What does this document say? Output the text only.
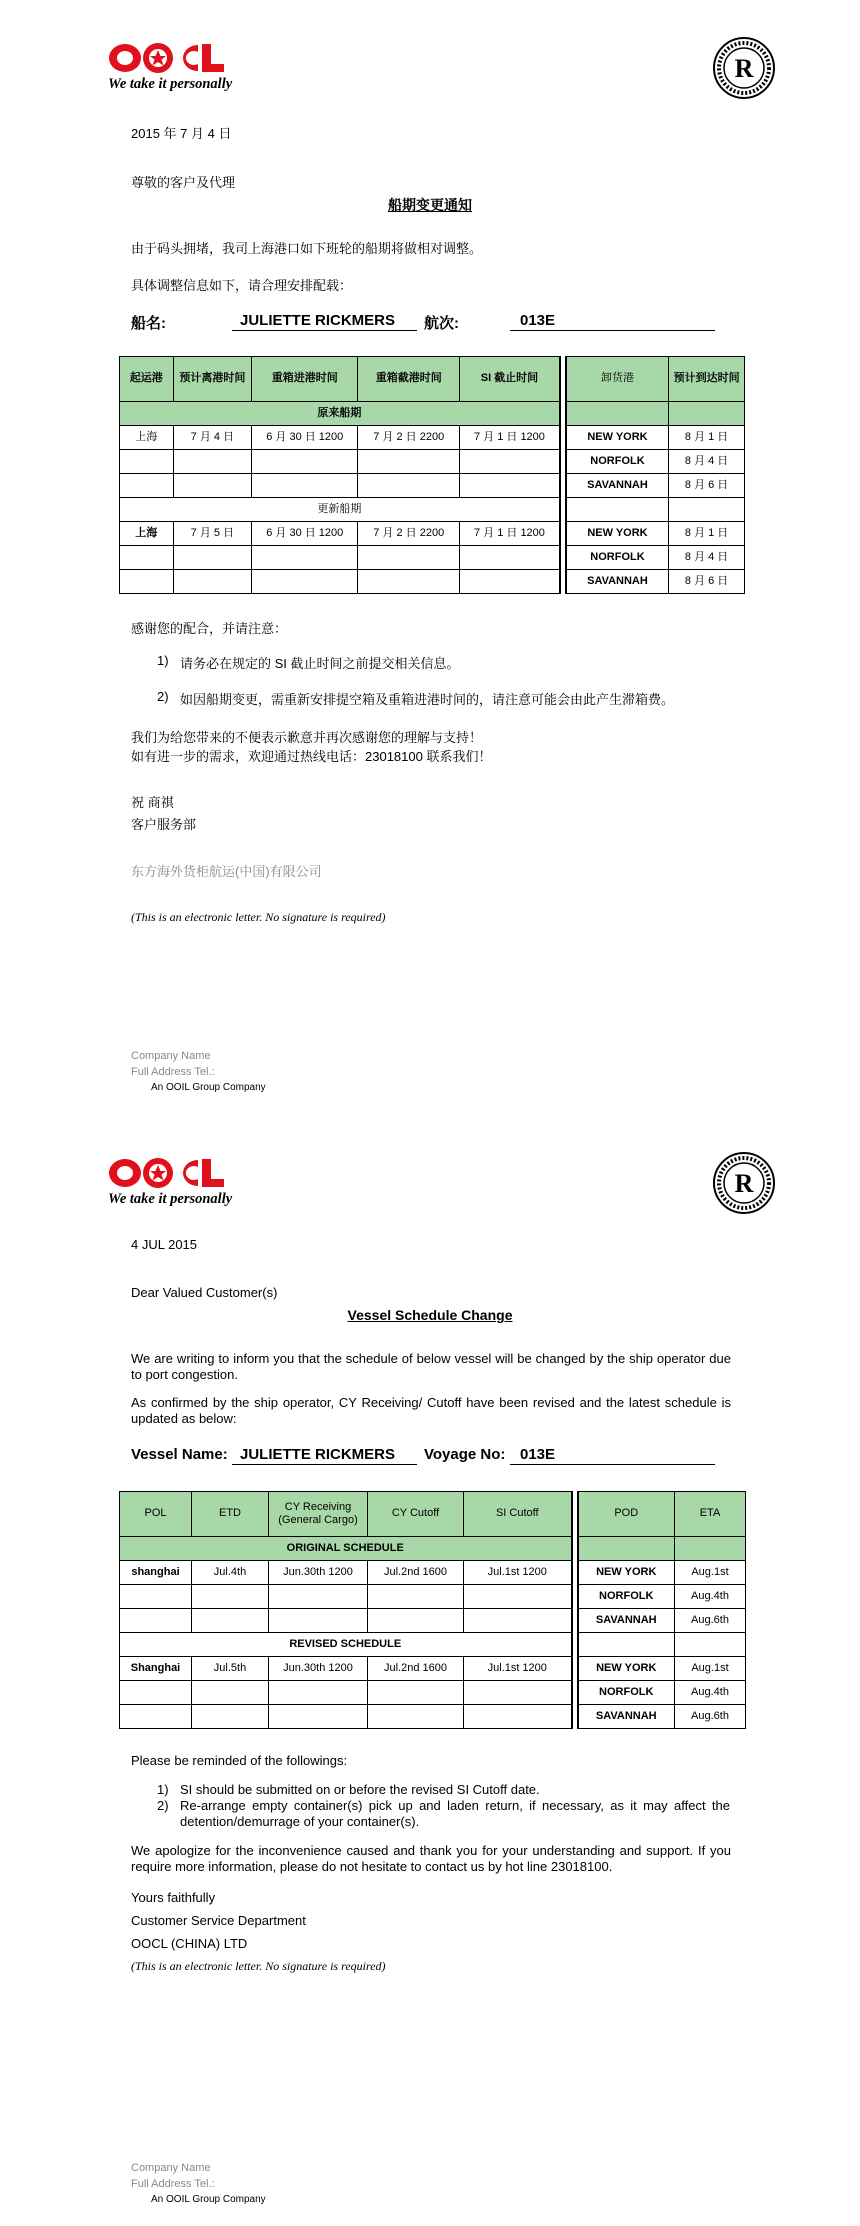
We take it personally
R
2015 年 7 月 4 日
尊敬的客户及代理
船期变更通知
由于码头拥堵，我司上海港口如下班轮的船期将做相对调整。
具体调整信息如下，请合理安排配载：
船名:	JULIETTE RICKMERS	航次:	013E
起运港	预计离港时间	重箱进港时间	重箱截港时间	SI 截止时间		卸货港	预计到达时间
原来船期							
上海	7 月 4 日	6 月 30 日 1200	7 月 2 日 2200	7 月 1 日 1200		NEW YORK	8 月 1 日
						NORFOLK	8 月 4 日
						SAVANNAH	8 月 6 日
更新船期							
上海	7 月 5 日	6 月 30 日 1200	7 月 2 日 2200	7 月 1 日 1200		NEW YORK	8 月 1 日
						NORFOLK	8 月 4 日
						SAVANNAH	8 月 6 日
感谢您的配合，并请注意：
1) 请务必在规定的 SI 截止时间之前提交相关信息。
2) 如因船期变更，需重新安排提空箱及重箱进港时间的，请注意可能会由此产生滞箱费。
我们为给您带来的不便表示歉意并再次感谢您的理解与支持！
如有进一步的需求，欢迎通过热线电话：23018100 联系我们！
祝 商祺
客户服务部
东方海外货柜航运(中国)有限公司
(This is an electronic letter. No signature is required)
Company Name
Full Address Tel.:
An OOIL Group Company
We take it personally
R
4 JUL 2015
Dear Valued Customer(s)
Vessel Schedule Change
We are writing to inform you that the schedule of below vessel will be changed by the ship operator due to port congestion.
As confirmed by the ship operator, CY Receiving/ Cutoff have been revised and the latest schedule is updated as below:
Vessel Name: JULIETTE RICKMERS	Voyage No: 013E
POL	ETD	CY Receiving (General Cargo)	CY Cutoff	SI Cutoff		POD	ETA
ORIGINAL SCHEDULE							
shanghai	Jul.4th	Jun.30th 1200	Jul.2nd 1600	Jul.1st 1200		NEW YORK	Aug.1st
						NORFOLK	Aug.4th
						SAVANNAH	Aug.6th
REVISED SCHEDULE							
Shanghai	Jul.5th	Jun.30th 1200	Jul.2nd 1600	Jul.1st 1200		NEW YORK	Aug.1st
						NORFOLK	Aug.4th
						SAVANNAH	Aug.6th
Please be reminded of the followings:
1) SI should be submitted on or before the revised SI Cutoff date.
2) Re-arrange empty container(s) pick up and laden return, if necessary, as it may affect the detention/demurrage of your container(s).
We apologize for the inconvenience caused and thank you for your understanding and support. If you require more information, please do not hesitate to contact us by hot line 23018100.
Yours faithfully
Customer Service Department
OOCL (CHINA) LTD
(This is an electronic letter. No signature is required)
Company Name
Full Address Tel.:
An OOIL Group Company
